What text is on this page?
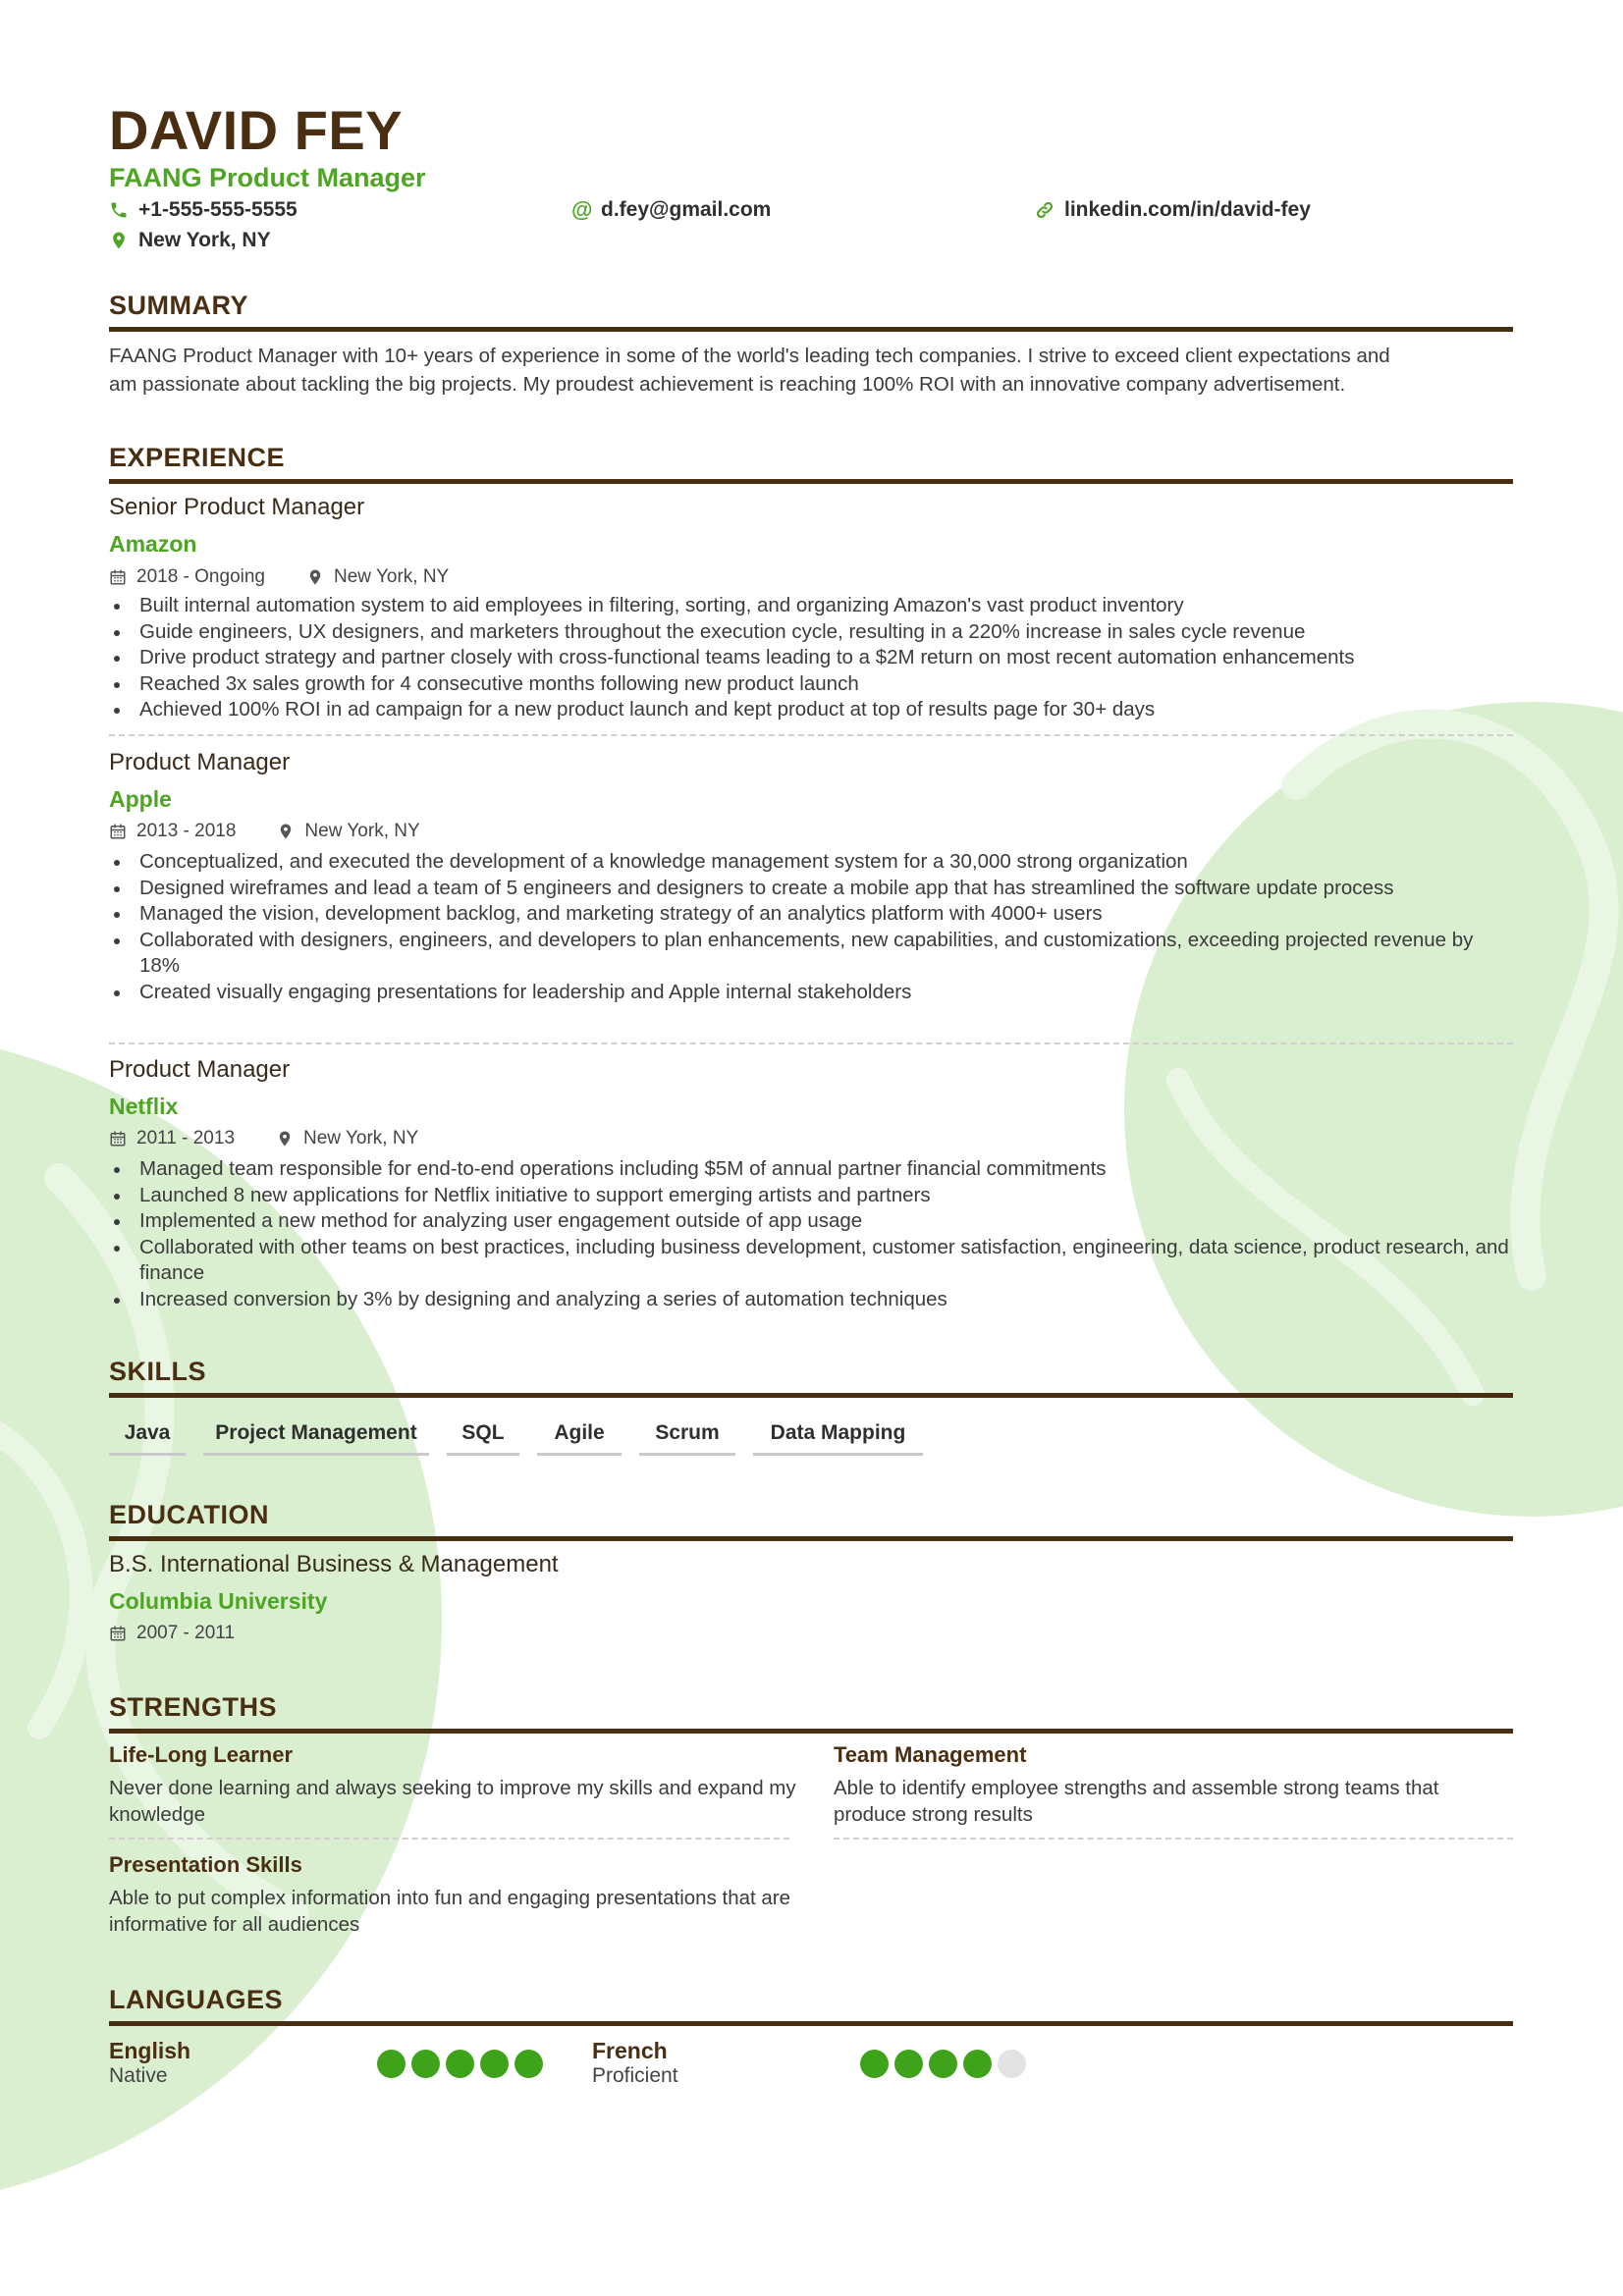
DAVID FEY
FAANG Product Manager
+1-555-555-5555	@ d.fey@gmail.com	linkedin.com/in/david-fey
New York, NY
SUMMARY
FAANG Product Manager with 10+ years of experience in some of the world's leading tech companies. I strive to exceed client expectations and
am passionate about tackling the big projects. My proudest achievement is reaching 100% ROI with an innovative company advertisement.
EXPERIENCE
Senior Product Manager
Amazon
2018 - Ongoing	New York, NY
Built internal automation system to aid employees in filtering, sorting, and organizing Amazon's vast product inventory
Guide engineers, UX designers, and marketers throughout the execution cycle, resulting in a 220% increase in sales cycle revenue
Drive product strategy and partner closely with cross-functional teams leading to a $2M return on most recent automation enhancements
Reached 3x sales growth for 4 consecutive months following new product launch
Achieved 100% ROI in ad campaign for a new product launch and kept product at top of results page for 30+ days
Product Manager
Apple
2013 - 2018	New York, NY
Conceptualized, and executed the development of a knowledge management system for a 30,000 strong organization
Designed wireframes and lead a team of 5 engineers and designers to create a mobile app that has streamlined the software update process
Managed the vision, development backlog, and marketing strategy of an analytics platform with 4000+ users
Collaborated with designers, engineers, and developers to plan enhancements, new capabilities, and customizations, exceeding projected revenue by 18%
Created visually engaging presentations for leadership and Apple internal stakeholders
Product Manager
Netflix
2011 - 2013	New York, NY
Managed team responsible for end-to-end operations including $5M of annual partner financial commitments
Launched 8 new applications for Netflix initiative to support emerging artists and partners
Implemented a new method for analyzing user engagement outside of app usage
Collaborated with other teams on best practices, including business development, customer satisfaction, engineering, data science, product research, and finance
Increased conversion by 3% by designing and analyzing a series of automation techniques
SKILLS
Java	Project Management	SQL	Agile	Scrum	Data Mapping
EDUCATION
B.S. International Business & Management
Columbia University
2007 - 2011
STRENGTHS
Life-Long Learner
Never done learning and always seeking to improve my skills and expand my knowledge
Team Management
Able to identify employee strengths and assemble strong teams that produce strong results
Presentation Skills
Able to put complex information into fun and engaging presentations that are informative for all audiences
LANGUAGES
English
Native
French
Proficient
